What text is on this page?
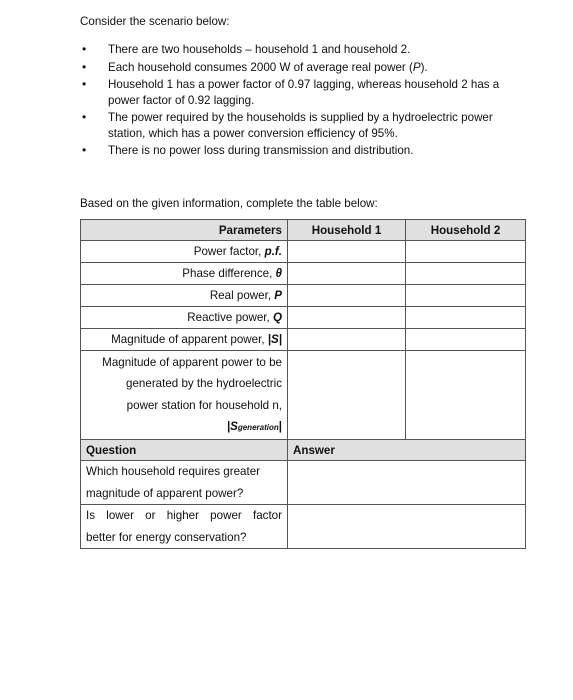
Consider the scenario below:

• There are two households – household 1 and household 2.
• Each household consumes 2000 W of average real power (P).
• Household 1 has a power factor of 0.97 lagging, whereas household 2 has a power factor of 0.92 lagging.
• The power required by the households is supplied by a hydroelectric power station, which has a power conversion efficiency of 95%.
• There is no power loss during transmission and distribution.

Based on the given information, complete the table below:

Parameters	Household 1	Household 2
Power factor, p.f.		
Phase difference, θ		
Real power, P		
Reactive power, Q		
Magnitude of apparent power, |S|		

Magnitude of apparent power to be
generated by the hydroelectric
power station for household n,
|Sgeneration|		

Question	Answer	

Which household requires greater
magnitude of apparent power?		

Is lower or higher power factor
better for energy conservation?		
